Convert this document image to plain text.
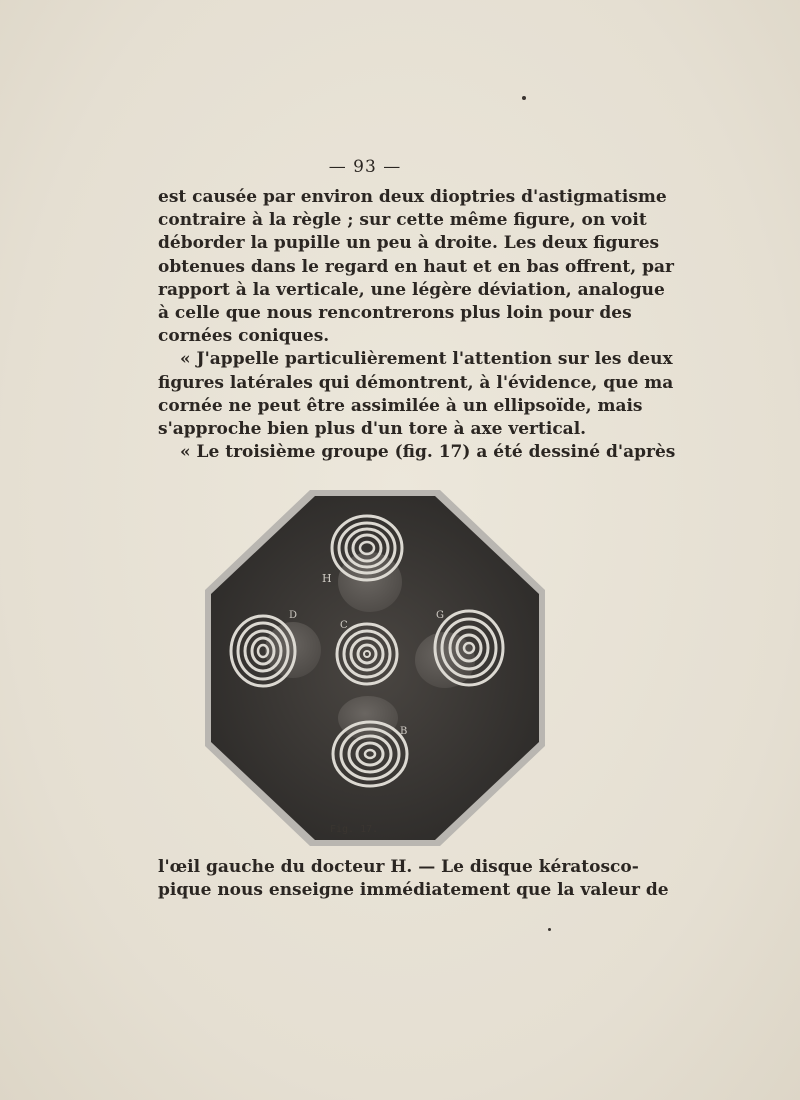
— 93 —
est causée par environ deux dioptries d'astigmatisme
contraire à la règle ; sur cette même figure, on voit
déborder la pupille un peu à droite. Les deux figures
obtenues dans le regard en haut et en bas offrent, par
rapport à la verticale, une légère déviation, analogue
à celle que nous rencontrerons plus loin pour des
cornées coniques.
« J'appelle particulièrement l'attention sur les deux
figures latérales qui démontrent, à l'évidence, que ma
cornée ne peut être assimilée à un ellipsoïde, mais
s'approche bien plus d'un tore à axe vertical.
« Le troisième groupe (fig. 17) a été dessiné d'après
H
D
C
G
B
Fig. 17.
l'œil gauche du docteur H. — Le disque kératosco-
pique nous enseigne immédiatement que la valeur de
